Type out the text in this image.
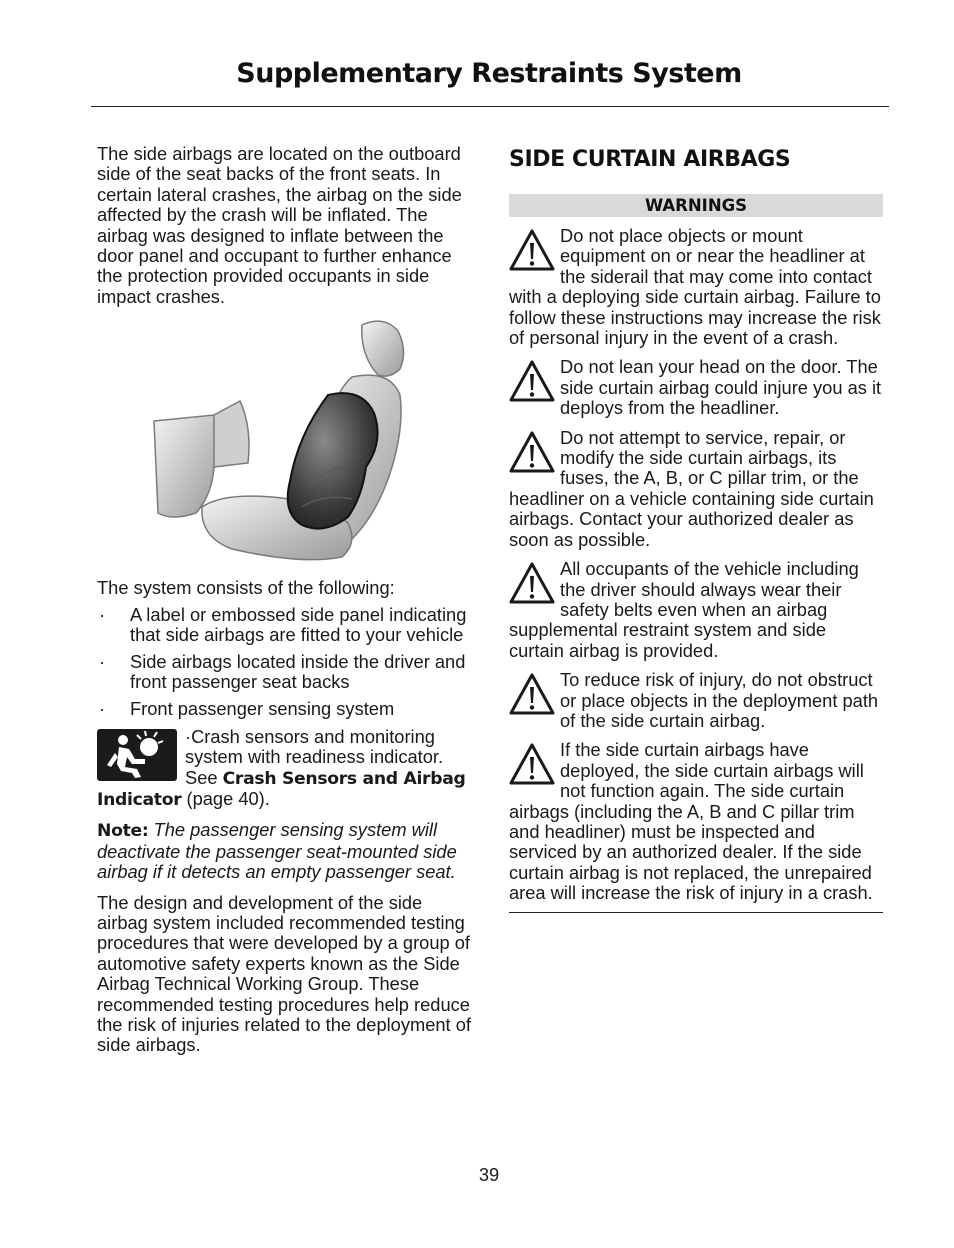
Supplementary Restraints System

The side airbags are located on the outboard side of the seat backs of the front seats. In certain lateral crashes, the airbag on the side affected by the crash will be inflated. The airbag was designed to inflate between the door panel and occupant to further enhance the protection provided occupants in side impact crashes.

The system consists of the following:

· A label or embossed side panel indicating that side airbags are fitted to your vehicle
· Side airbags located inside the driver and front passenger seat backs
· Front passenger sensing system

·Crash sensors and monitoring system with readiness indicator. See Crash Sensors and Airbag Indicator (page 40).

Note: The passenger sensing system will deactivate the passenger seat-mounted side airbag if it detects an empty passenger seat.

The design and development of the side airbag system included recommended testing procedures that were developed by a group of automotive safety experts known as the Side Airbag Technical Working Group. These recommended testing procedures help reduce the risk of injuries related to the deployment of side airbags.

SIDE CURTAIN AIRBAGS
WARNINGS

Do not place objects or mount equipment on or near the headliner at the siderail that may come into contact with a deploying side curtain airbag. Failure to follow these instructions may increase the risk of personal injury in the event of a crash.

Do not lean your head on the door. The side curtain airbag could injure you as it deploys from the headliner.

Do not attempt to service, repair, or modify the side curtain airbags, its fuses, the A, B, or C pillar trim, or the headliner on a vehicle containing side curtain airbags. Contact your authorized dealer as soon as possible.

All occupants of the vehicle including the driver should always wear their safety belts even when an airbag supplemental restraint system and side curtain airbag is provided.

To reduce risk of injury, do not obstruct or place objects in the deployment path of the side curtain airbag.

If the side curtain airbags have deployed, the side curtain airbags will not function again. The side curtain airbags (including the A, B and C pillar trim and headliner) must be inspected and serviced by an authorized dealer. If the side curtain airbag is not replaced, the unrepaired area will increase the risk of injury in a crash.

39
